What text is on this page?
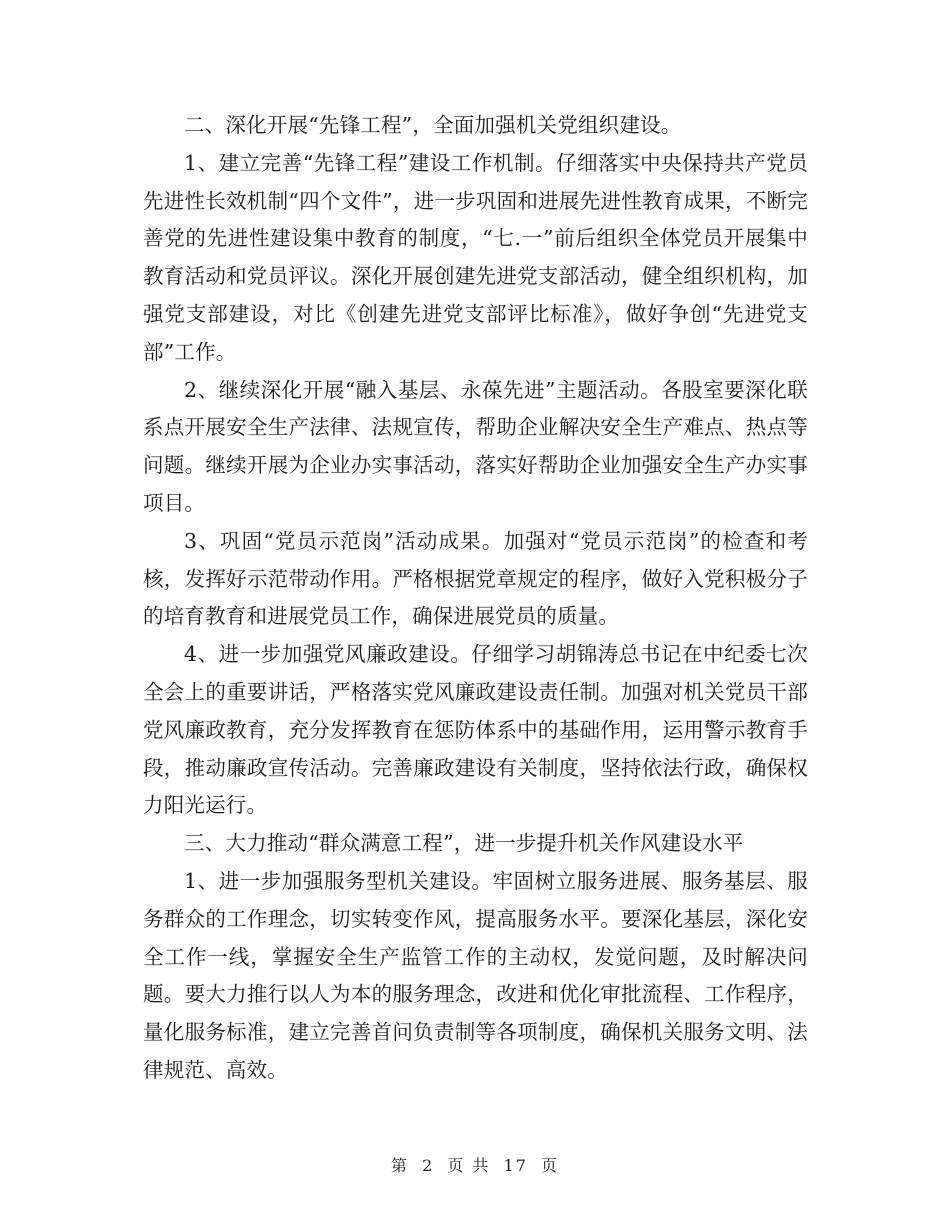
二、深化开展“先锋工程”，全面加强机关党组织建设。

1、建立完善“先锋工程”建设工作机制。仔细落实中央保持共产党员先进性长效机制“四个文件”，进一步巩固和进展先进性教育成果，不断完善党的先进性建设集中教育的制度，“七.一”前后组织全体党员开展集中教育活动和党员评议。深化开展创建先进党支部活动，健全组织机构，加强党支部建设，对比《创建先进党支部评比标准》，做好争创“先进党支部”工作。

2、继续深化开展“融入基层、永葆先进”主题活动。各股室要深化联系点开展安全生产法律、法规宣传，帮助企业解决安全生产难点、热点等问题。继续开展为企业办实事活动，落实好帮助企业加强安全生产办实事项目。

3、巩固“党员示范岗”活动成果。加强对“党员示范岗”的检查和考核，发挥好示范带动作用。严格根据党章规定的程序，做好入党积极分子的培育教育和进展党员工作，确保进展党员的质量。

4、进一步加强党风廉政建设。仔细学习胡锦涛总书记在中纪委七次全会上的重要讲话，严格落实党风廉政建设责任制。加强对机关党员干部党风廉政教育，充分发挥教育在惩防体系中的基础作用，运用警示教育手段，推动廉政宣传活动。完善廉政建设有关制度，坚持依法行政，确保权力阳光运行。

三、大力推动“群众满意工程”，进一步提升机关作风建设水平

1、进一步加强服务型机关建设。牢固树立服务进展、服务基层、服务群众的工作理念，切实转变作风，提高服务水平。要深化基层，深化安全工作一线，掌握安全生产监管工作的主动权，发觉问题，及时解决问题。要大力推行以人为本的服务理念，改进和优化审批流程、工作程序，量化服务标准，建立完善首问负责制等各项制度，确保机关服务文明、法律规范、高效。

第 2 页 共 17 页
